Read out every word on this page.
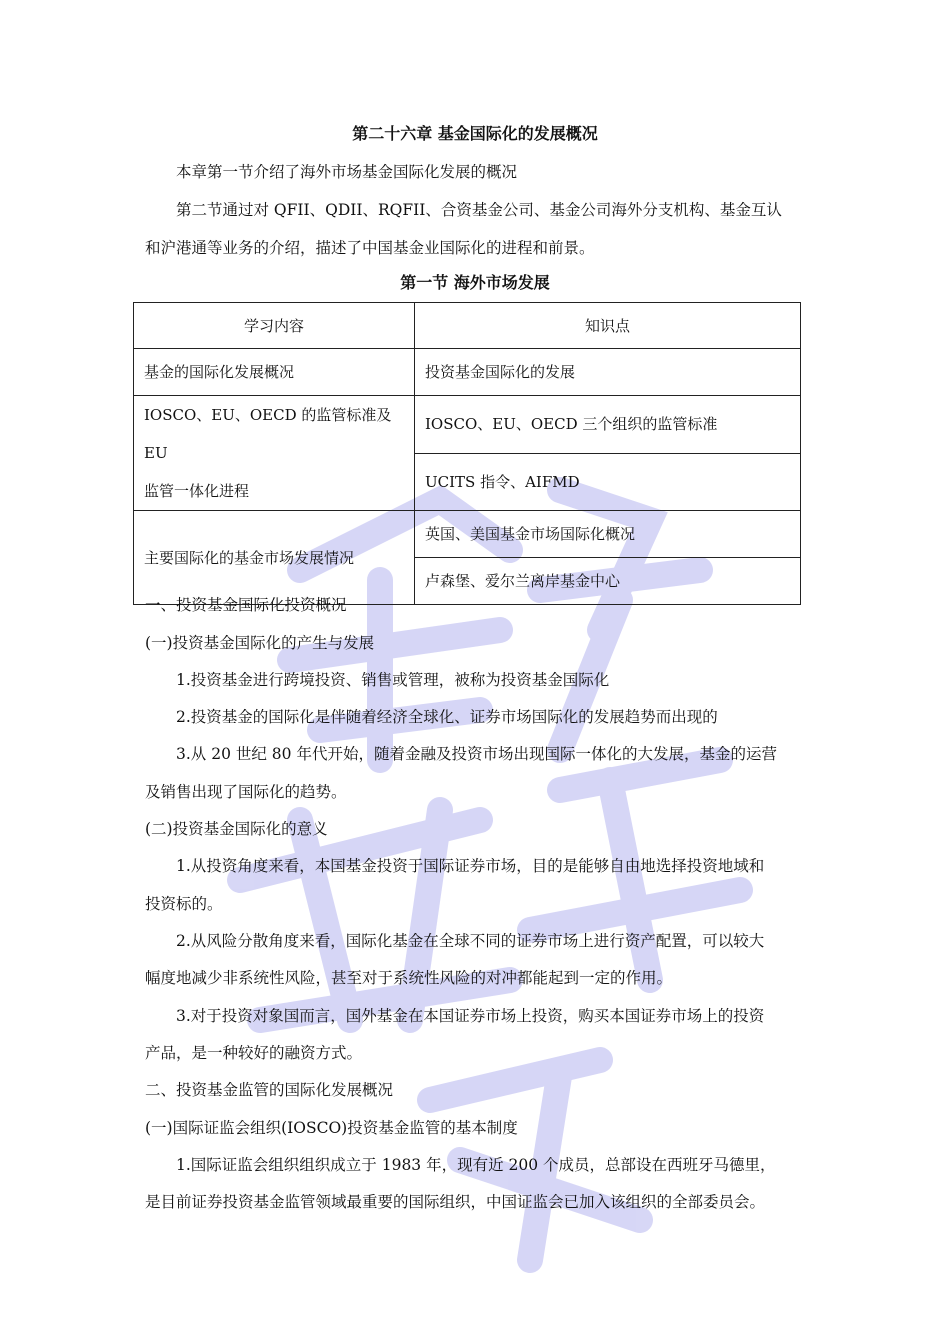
第二十六章 基金国际化的发展概况
本章第一节介绍了海外市场基金国际化发展的概况
第二节通过对 QFII、QDII、RQFII、合资基金公司、基金公司海外分支机构、基金互认
和沪港通等业务的介绍，描述了中国基金业国际化的进程和前景。
第一节 海外市场发展
学习内容	知识点
基金的国际化发展概况	投资基金国际化的发展

IOSCO、EU、OECD 的监管标准及 EU
监管一体化进程	IOSCO、EU、OECD 三个组织的监管标准
	UCITS 指令、AIFMD
主要国际化的基金市场发展情况	英国、美国基金市场国际化概况
	卢森堡、爱尔兰离岸基金中心
一、投资基金国际化投资概况
(一)投资基金国际化的产生与发展
1.投资基金进行跨境投资、销售或管理，被称为投资基金国际化
2.投资基金的国际化是伴随着经济全球化、证券市场国际化的发展趋势而出现的
3.从 20 世纪 80 年代开始，随着金融及投资市场出现国际一体化的大发展，基金的运营
及销售出现了国际化的趋势。
(二)投资基金国际化的意义
1.从投资角度来看，本国基金投资于国际证券市场，目的是能够自由地选择投资地域和
投资标的。
2.从风险分散角度来看，国际化基金在全球不同的证券市场上进行资产配置，可以较大
幅度地减少非系统性风险，甚至对于系统性风险的对冲都能起到一定的作用。
3.对于投资对象国而言，国外基金在本国证券市场上投资，购买本国证券市场上的投资
产品，是一种较好的融资方式。
二、投资基金监管的国际化发展概况
(一)国际证监会组织(IOSCO)投资基金监管的基本制度
1.国际证监会组织组织成立于 1983 年，现有近 200 个成员，总部设在西班牙马德里，
是目前证券投资基金监管领域最重要的国际组织，中国证监会已加入该组织的全部委员会。
